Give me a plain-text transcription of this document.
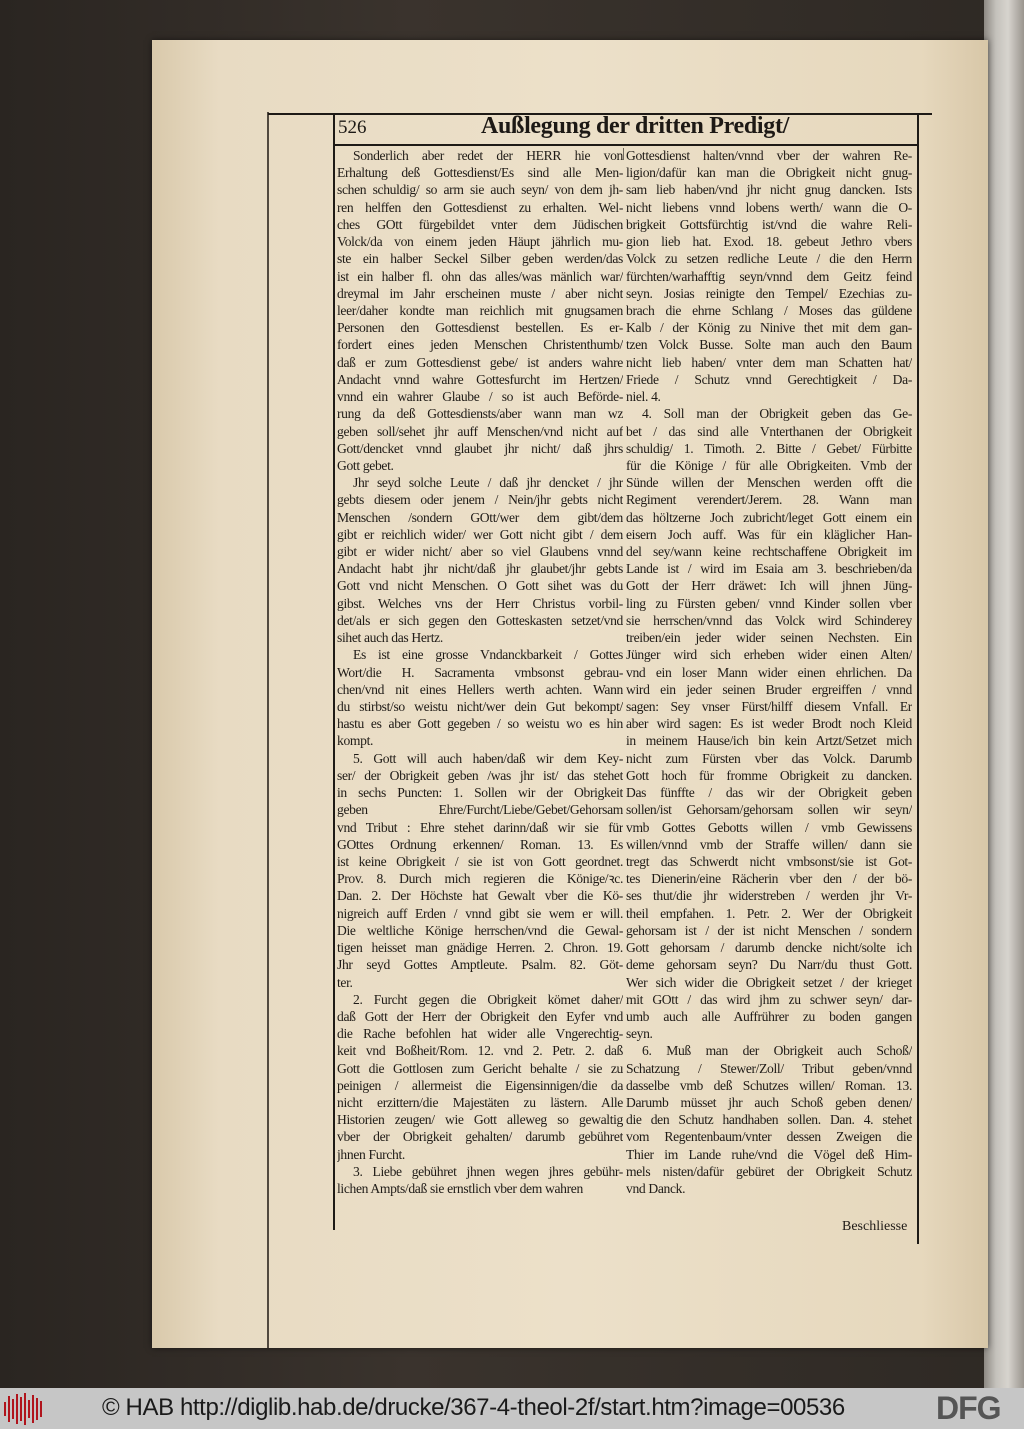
526	Außlegung der dritten Predigt/
Sonderlich aber redet der HERR hie von
Erhaltung deß Gottesdienst/Es sind alle Men-
schen schuldig/ so arm sie auch seyn/ von dem jh-
ren helffen den Gottesdienst zu erhalten. Wel-
ches GOtt fürgebildet vnter dem Jüdischen
Volck/da von einem jeden Häupt jährlich mu-
ste ein halber Seckel Silber geben werden/das
ist ein halber fl. ohn das alles/was mänlich war/
dreymal im Jahr erscheinen muste / aber nicht
leer/daher kondte man reichlich mit gnugsamen
Personen den Gottesdienst bestellen. Es er-
fordert eines jeden Menschen Christenthumb/
daß er zum Gottesdienst gebe/ ist anders wahre
Andacht vnnd wahre Gottesfurcht im Hertzen/
vnnd ein wahrer Glaube / so ist auch Beförde-
rung da deß Gottesdiensts/aber wann man wz
geben soll/sehet jhr auff Menschen/vnd nicht auf
Gott/dencket vnnd glaubet jhr nicht/ daß jhrs
Gott gebet.
Jhr seyd solche Leute / daß jhr dencket / jhr
gebts diesem oder jenem / Nein/jhr gebts nicht
Menschen /sondern GOtt/wer dem gibt/dem
gibt er reichlich wider/ wer Gott nicht gibt / dem
gibt er wider nicht/ aber so viel Glaubens vnnd
Andacht habt jhr nicht/daß jhr glaubet/jhr gebts
Gott vnd nicht Menschen. O Gott sihet was du
gibst. Welches vns der Herr Christus vorbil-
det/als er sich gegen den Gotteskasten setzet/vnd
sihet auch das Hertz.
Es ist eine grosse Vndanckbarkeit / Gottes
Wort/die H. Sacramenta vmbsonst gebrau-
chen/vnd nit eines Hellers werth achten. Wann
du stirbst/so weistu nicht/wer dein Gut bekompt/
hastu es aber Gott gegeben / so weistu wo es hin
kompt.
5. Gott will auch haben/daß wir dem Key-
ser/ der Obrigkeit geben /was jhr ist/ das stehet
in sechs Puncten: 1. Sollen wir der Obrigkeit
geben Ehre/Furcht/Liebe/Gebet/Gehorsam
vnd Tribut : Ehre stehet darinn/daß wir sie für
GOttes Ordnung erkennen/ Roman. 13. Es
ist keine Obrigkeit / sie ist von Gott geordnet.
Prov. 8. Durch mich regieren die Könige/ꝛc.
Dan. 2. Der Höchste hat Gewalt vber die Kö-
nigreich auff Erden / vnnd gibt sie wem er will.
Die weltliche Könige herrschen/vnd die Gewal-
tigen heisset man gnädige Herren. 2. Chron. 19.
Jhr seyd Gottes Amptleute. Psalm. 82. Göt-
ter.
2. Furcht gegen die Obrigkeit kömet daher/
daß Gott der Herr der Obrigkeit den Eyfer vnd
die Rache befohlen hat wider alle Vngerechtig-
keit vnd Boßheit/Rom. 12. vnd 2. Petr. 2. daß
Gott die Gottlosen zum Gericht behalte / sie zu
peinigen / allermeist die Eigensinnigen/die da
nicht erzittern/die Majestäten zu lästern. Alle
Historien zeugen/ wie Gott alleweg so gewaltig
vber der Obrigkeit gehalten/ darumb gebühret
jhnen Furcht.
3. Liebe gebühret jhnen wegen jhres gebühr-
lichen Ampts/daß sie ernstlich vber dem wahren
Gottesdienst halten/vnnd vber der wahren Re-
ligion/dafür kan man die Obrigkeit nicht gnug-
sam lieb haben/vnd jhr nicht gnug dancken. Ists
nicht liebens vnnd lobens werth/ wann die O-
brigkeit Gottsfürchtig ist/vnd die wahre Reli-
gion lieb hat. Exod. 18. gebeut Jethro vbers
Volck zu setzen redliche Leute / die den Herrn
fürchten/warhafftig seyn/vnnd dem Geitz feind
seyn. Josias reinigte den Tempel/ Ezechias zu-
brach die ehrne Schlang / Moses das güldene
Kalb / der König zu Ninive thet mit dem gan-
tzen Volck Busse. Solte man auch den Baum
nicht lieb haben/ vnter dem man Schatten hat/
Friede / Schutz vnnd Gerechtigkeit / Da-
niel. 4.
4. Soll man der Obrigkeit geben das Ge-
bet / das sind alle Vnterthanen der Obrigkeit
schuldig/ 1. Timoth. 2. Bitte / Gebet/ Fürbitte
für die Könige / für alle Obrigkeiten. Vmb der
Sünde willen der Menschen werden offt die
Regiment verendert/Jerem. 28. Wann man
das höltzerne Joch zubricht/leget Gott einem ein
eisern Joch auff. Was für ein kläglicher Han-
del sey/wann keine rechtschaffene Obrigkeit im
Lande ist / wird im Esaia am 3. beschrieben/da
Gott der Herr dräwet: Ich will jhnen Jüng-
ling zu Fürsten geben/ vnnd Kinder sollen vber
sie herrschen/vnnd das Volck wird Schinderey
treiben/ein jeder wider seinen Nechsten. Ein
Jünger wird sich erheben wider einen Alten/
vnd ein loser Mann wider einen ehrlichen. Da
wird ein jeder seinen Bruder ergreiffen / vnnd
sagen: Sey vnser Fürst/hilff diesem Vnfall. Er
aber wird sagen: Es ist weder Brodt noch Kleid
in meinem Hause/ich bin kein Artzt/Setzet mich
nicht zum Fürsten vber das Volck. Darumb
Gott hoch für fromme Obrigkeit zu dancken.
Das fünffte / das wir der Obrigkeit geben
sollen/ist Gehorsam/gehorsam sollen wir seyn/
vmb Gottes Gebotts willen / vmb Gewissens
willen/vnnd vmb der Straffe willen/ dann sie
tregt das Schwerdt nicht vmbsonst/sie ist Got-
tes Dienerin/eine Rächerin vber den / der bö-
ses thut/die jhr widerstreben / werden jhr Vr-
theil empfahen. 1. Petr. 2. Wer der Obrigkeit
gehorsam ist / der ist nicht Menschen / sondern
Gott gehorsam / darumb dencke nicht/solte ich
deme gehorsam seyn? Du Narr/du thust Gott.
Wer sich wider die Obrigkeit setzet / der krieget
mit GOtt / das wird jhm zu schwer seyn/ dar-
umb auch alle Auffrührer zu boden gangen
seyn.
6. Muß man der Obrigkeit auch Schoß/
Schatzung / Stewer/Zoll/ Tribut geben/vnnd
dasselbe vmb deß Schutzes willen/ Roman. 13.
Darumb müsset jhr auch Schoß geben denen/
die den Schutz handhaben sollen. Dan. 4. stehet
vom Regentenbaum/vnter dessen Zweigen die
Thier im Lande ruhe/vnd die Vögel deß Him-
mels nisten/dafür gebüret der Obrigkeit Schutz
vnd Danck.
Beschliesse
© HAB http://diglib.hab.de/drucke/367-4-theol-2f/start.htm?image=00536	DFG
